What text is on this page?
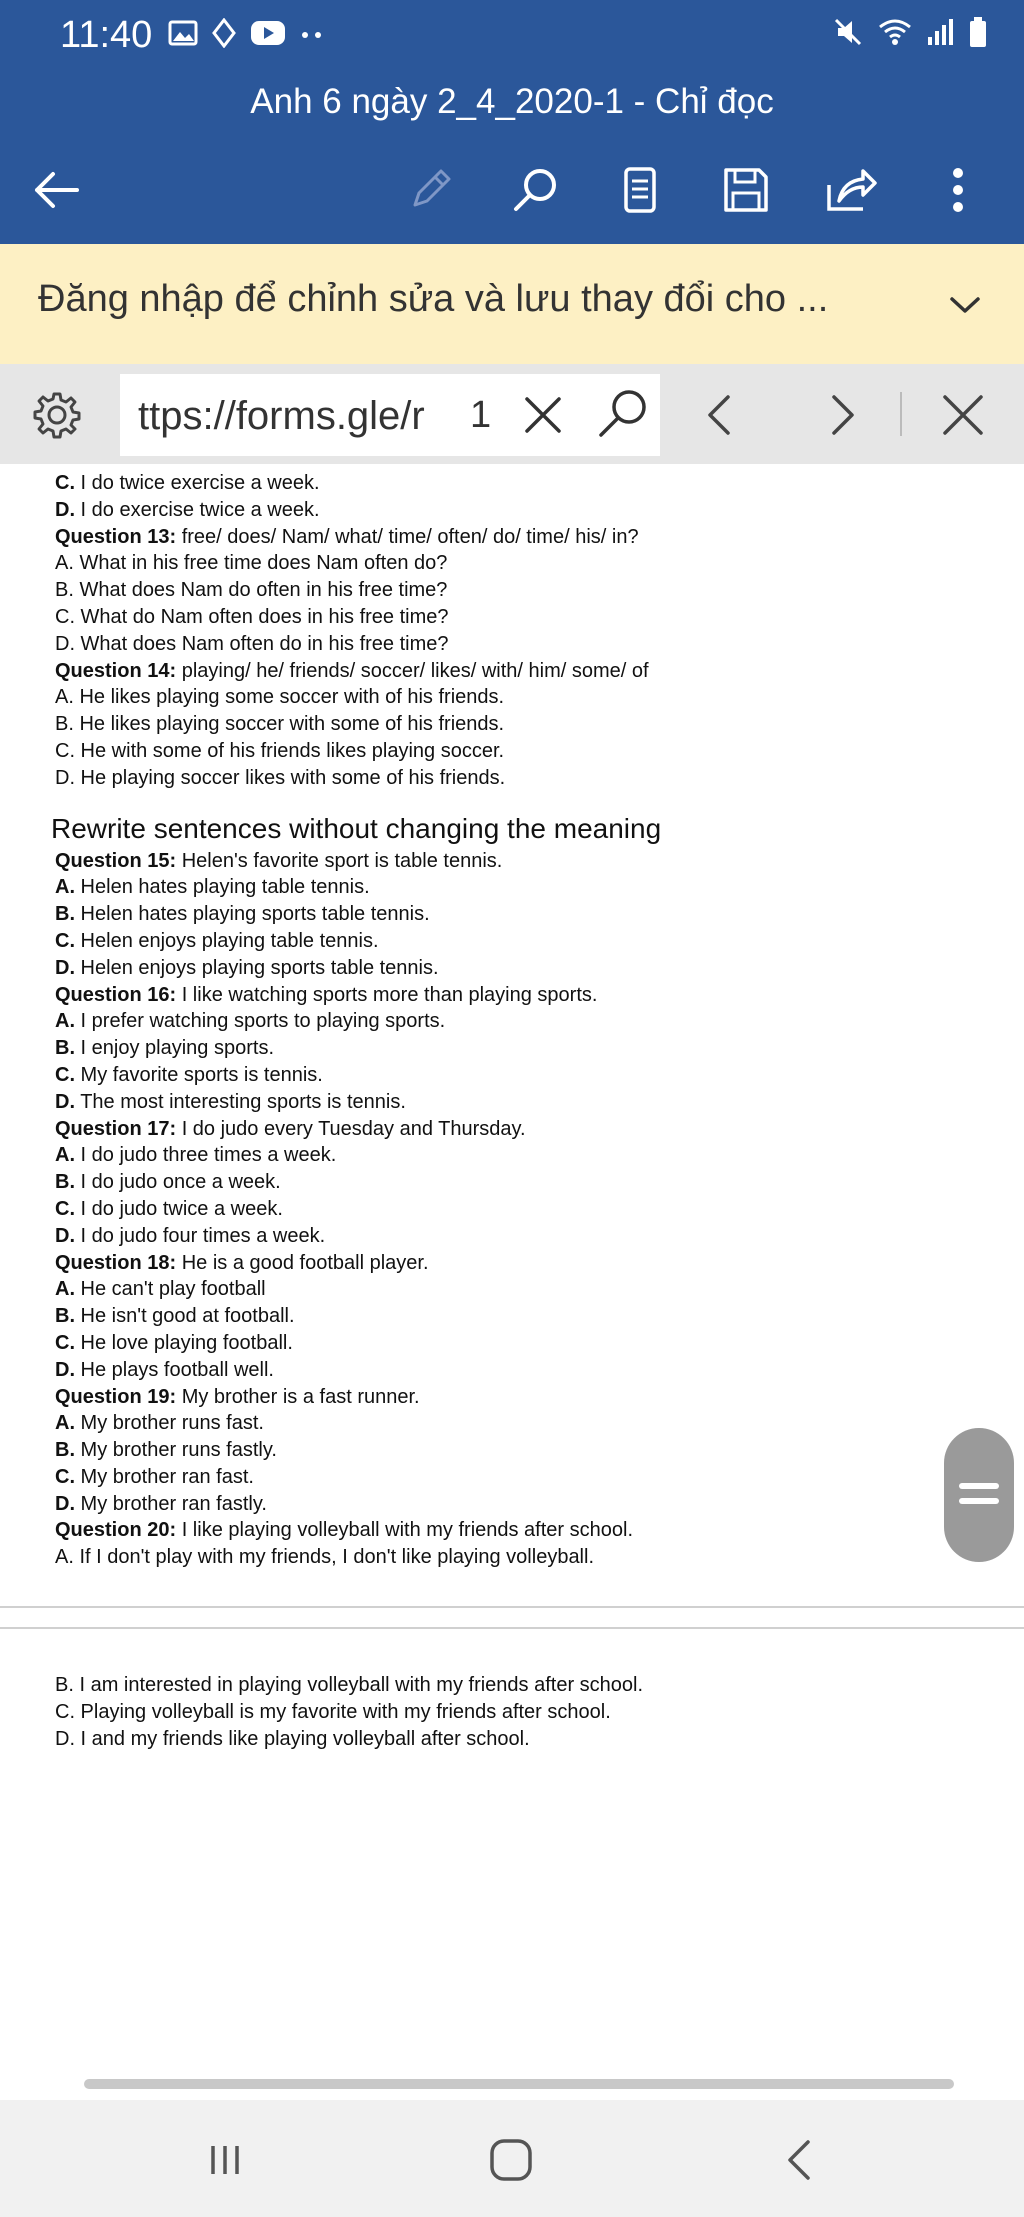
11:40
Anh 6 ngày 2_4_2020-1 - Chỉ đọc
Đăng nhập để chỉnh sửa và lưu thay đổi cho ...
ttps://forms.gle/r 1
C. I do twice exercise a week.
D. I do exercise twice a week.
Question 13: free/ does/ Nam/ what/ time/ often/ do/ time/ his/ in?
A. What in his free time does Nam often do?
B. What does Nam do often in his free time?
C. What do Nam often does in his free time?
D. What does Nam often do in his free time?
Question 14: playing/ he/ friends/ soccer/ likes/ with/ him/ some/ of
A. He likes playing some soccer with of his friends.
B. He likes playing soccer with some of his friends.
C. He with some of his friends likes playing soccer.
D. He playing soccer likes with some of his friends.
Rewrite sentences without changing the meaning
Question 15: Helen's favorite sport is table tennis.
A. Helen hates playing table tennis.
B. Helen hates playing sports table tennis.
C. Helen enjoys playing table tennis.
D. Helen enjoys playing sports table tennis.
Question 16: I like watching sports more than playing sports.
A. I prefer watching sports to playing sports.
B. I enjoy playing sports.
C. My favorite sports is tennis.
D. The most interesting sports is tennis.
Question 17: I do judo every Tuesday and Thursday.
A. I do judo three times a week.
B. I do judo once a week.
C. I do judo twice a week.
D. I do judo four times a week.
Question 18: He is a good football player.
A. He can't play football
B. He isn't good at football.
C. He love playing football.
D. He plays football well.
Question 19: My brother is a fast runner.
A. My brother runs fast.
B. My brother runs fastly.
C. My brother ran fast.
D. My brother ran fastly.
Question 20: I like playing volleyball with my friends after school.
A. If I don't play with my friends, I don't like playing volleyball.
B. I am interested in playing volleyball with my friends after school.
C. Playing volleyball is my favorite with my friends after school.
D. I and my friends like playing volleyball after school.
